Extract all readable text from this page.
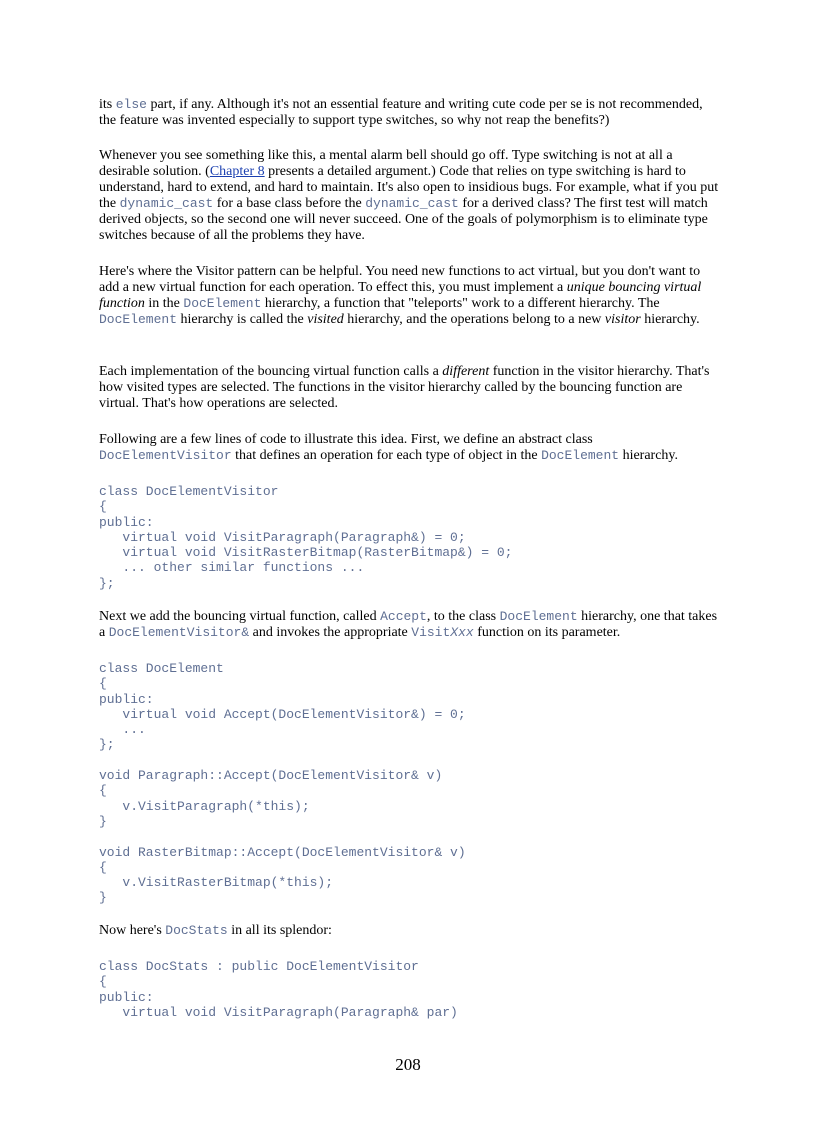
its else part, if any. Although it's not an essential feature and writing cute code per se is not recommended, the feature was invented especially to support type switches, so why not reap the benefits?)

Whenever you see something like this, a mental alarm bell should go off. Type switching is not at all a desirable solution. (Chapter 8 presents a detailed argument.) Code that relies on type switching is hard to understand, hard to extend, and hard to maintain. It's also open to insidious bugs. For example, what if you put the dynamic_cast for a base class before the dynamic_cast for a derived class? The first test will match derived objects, so the second one will never succeed. One of the goals of polymorphism is to eliminate type switches because of all the problems they have.

Here's where the Visitor pattern can be helpful. You need new functions to act virtual, but you don't want to add a new virtual function for each operation. To effect this, you must implement a unique bouncing virtual function in the DocElement hierarchy, a function that "teleports" work to a different hierarchy. The DocElement hierarchy is called the visited hierarchy, and the operations belong to a new visitor hierarchy.

Each implementation of the bouncing virtual function calls a different function in the visitor hierarchy. That's how visited types are selected. The functions in the visitor hierarchy called by the bouncing function are virtual. That's how operations are selected.

Following are a few lines of code to illustrate this idea. First, we define an abstract class DocElementVisitor that defines an operation for each type of object in the DocElement hierarchy.

class DocElementVisitor
{
public:
virtual void VisitParagraph(Paragraph&) = 0;
virtual void VisitRasterBitmap(RasterBitmap&) = 0;
... other similar functions ...
};

Next we add the bouncing virtual function, called Accept, to the class DocElement hierarchy, one that takes a DocElementVisitor& and invokes the appropriate VisitXxx function on its parameter.

class DocElement
{
public:
virtual void Accept(DocElementVisitor&) = 0;
...
};

void Paragraph::Accept(DocElementVisitor& v)
{
v.VisitParagraph(*this);
}

void RasterBitmap::Accept(DocElementVisitor& v)
{
v.VisitRasterBitmap(*this);
}

Now here's DocStats in all its splendor:

class DocStats : public DocElementVisitor
{
public:
virtual void VisitParagraph(Paragraph& par)
208
